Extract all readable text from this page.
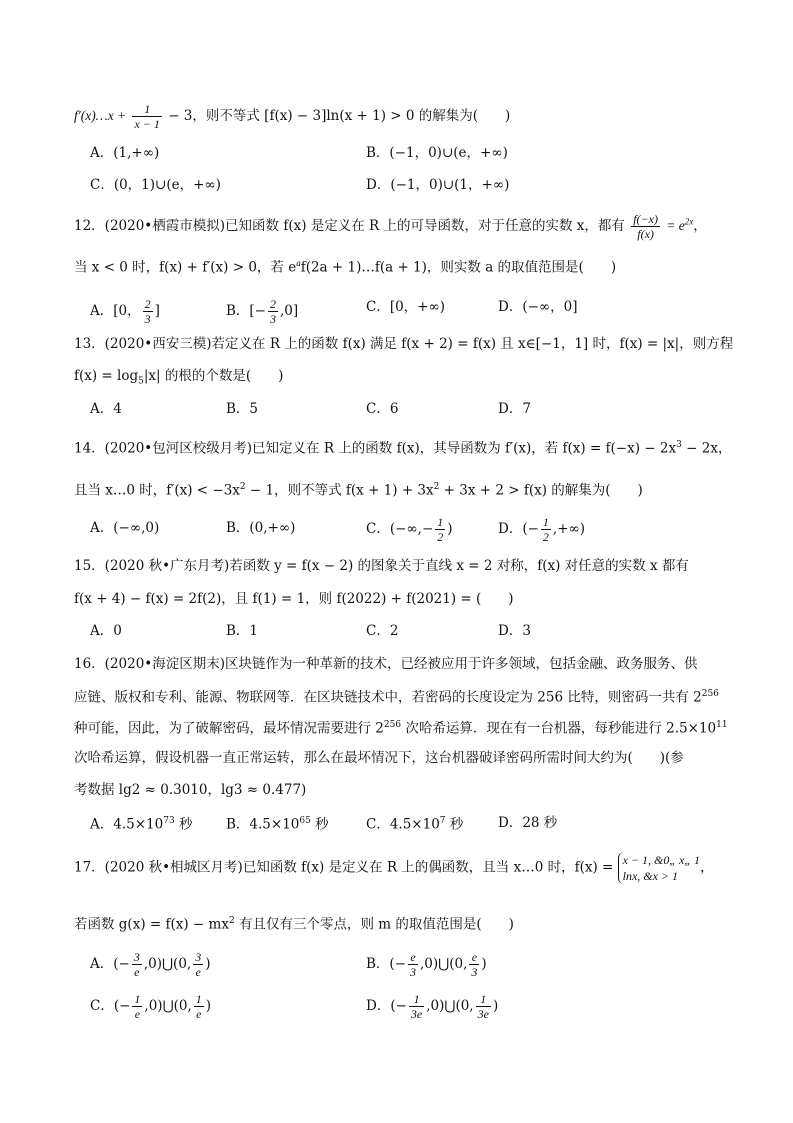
f′(x)…x + $\frac{1}{x - 1} - 3$，则不等式 [f(x) − 3]ln(x + 1) > 0 的解集为(　　)
A．(1,+∞)	B．(−1，0)∪(e，+∞)
C．(0，1)∪(e，+∞)	D．(−1，0)∪(1，+∞)
12．(2020•栖霞市模拟)已知函数 f(x) 是定义在 R 上的可导函数，对于任意的实数 x，都有 $\frac{f(-x)}{f(x)} = e^{2x}$，
当 x < 0 时，f(x) + f′(x) > 0，若 $e^af(2a$ + 1)…f(a + 1)，则实数 a 的取值范围是(　　)
A．[0， $\frac{2}{3}$ ]	B．[− $\frac{2}{3} ,0$]	C．[0，+∞)	D．(−∞，0]
13．(2020•西安三模)若定义在 R 上的函数 f(x) 满足 f(x + 2) = f(x) 且 x∈[−1，1] 时，f(x) = |x|，则方程
$f(x) = \log_5|x|$ 的根的个数是(　　)
A．4	B．5	C．6	D．7
14．(2020•包河区校级月考)已知定义在 R 上的函数 f(x)，其导函数为 f′(x)，若 $f(x) = f(-x) - 2x^3 - 2x$，
且当 x…0 时，$f'(x) < -3x^2 - 1$，则不等式 $f(x + 1) + 3x^2 + 3x + 2 > f(x)$ 的解集为(　　)
A．(−∞,0)	B．(0,+∞)	C．(−∞,− $\frac{1}{2}$ )	D．(− $\frac{1}{2}$ ,+∞)
15．(2020 秋•广东月考)若函数 y = f(x − 2) 的图象关于直线 x = 2 对称，f(x) 对任意的实数 x 都有
f(x + 4) − f(x) = 2f(2)，且 f(1) = 1，则 f(2022) + f(2021) = (　　)
A．0	B．1	C．2	D．3
16．(2020•海淀区期末)区块链作为一种革新的技术，已经被应用于许多领域，包括金融、政务服务、供
应链、版权和专利、能源、物联网等．在区块链技术中，若密码的长度设定为 256 比特，则密码一共有 $2^{256}$
种可能，因此，为了破解密码，最坏情况需要进行 $2^{256}$ 次哈希运算．现在有一台机器，每秒能进行 $2.5\times 10^{11}$
次哈希运算，假设机器一直正常运转，那么在最坏情况下，这台机器破译密码所需时间大约为(　　)(参
考数据 lg2 ≈ 0.3010，lg3 ≈ 0.477)
A．$4.5\times 10^{73}$ 秒 B．$4.5\times 10^{65}$ 秒	C．$4.5\times 10^7$ 秒	D．28 秒
17．(2020 秋•相城区月考)已知函数 f(x) 是定义在 R 上的偶函数，且当 x…0 时，f(x) = x − 1, &0„ x„ 1
lnx, &x > 1
，
若函数 $g(x) = f(x) - mx^2$ 有且仅有三个零点，则 m 的取值范围是(　　)
A．(− $\frac{3}{e}$ ,0)⋃(0, $\frac{3}{e}$ )	B．(− $\frac{e}{3}$ ,0)⋃(0, $\frac{e}{3}$ )
C．(− $\frac{1}{e}$ ,0)⋃(0, $\frac{1}{e}$ )	D．(− $\frac{1}{3e}$ ,0)⋃(0, $\frac{1}{3e}$ )
